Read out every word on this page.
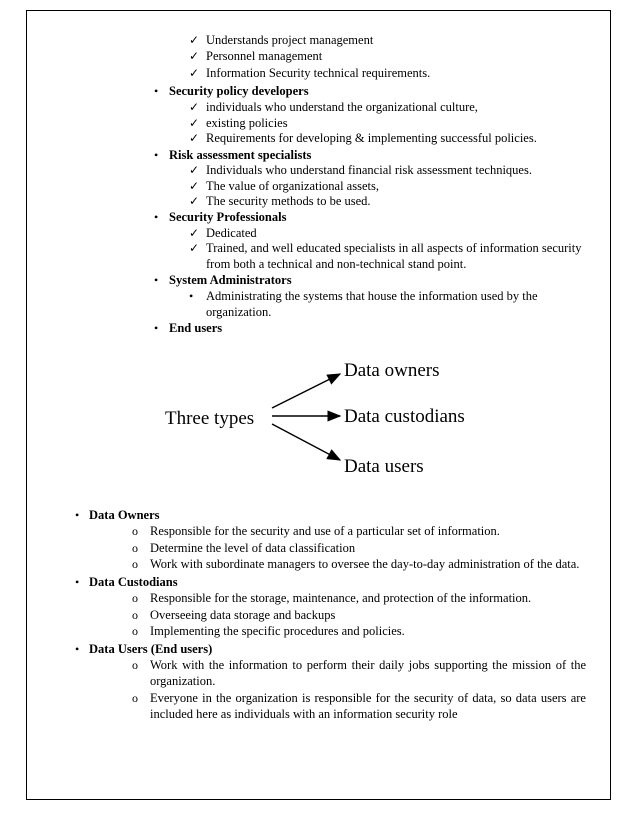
✓ Understands project management
✓ Personnel management
✓ Information Security technical requirements.
• Security policy developers
✓ individuals who understand the organizational culture,
✓ existing policies
✓ Requirements for developing & implementing successful policies.
• Risk assessment specialists
✓ Individuals who understand financial risk assessment techniques.
✓ The value of organizational assets,
✓ The security methods to be used.
• Security Professionals
✓ Dedicated
✓ Trained, and well educated specialists in all aspects of information security
from both a technical and non-technical stand point.
• System Administrators
• Administrating the systems that house the information used by the
organization.
• End users
Three types
Data owners
Data custodians
Data users
• Data Owners
o Responsible for the security and use of a particular set of information.
o Determine the level of data classification
o Work with subordinate managers to oversee the day-to-day administration of the data.
• Data Custodians
o Responsible for the storage, maintenance, and protection of the information.
o Overseeing data storage and backups
o Implementing the specific procedures and policies.
• Data Users (End users)
o Work with the information to perform their daily jobs supporting the mission of the
organization.
o Everyone in the organization is responsible for the security of data, so data users are
included here as individuals with an information security role
